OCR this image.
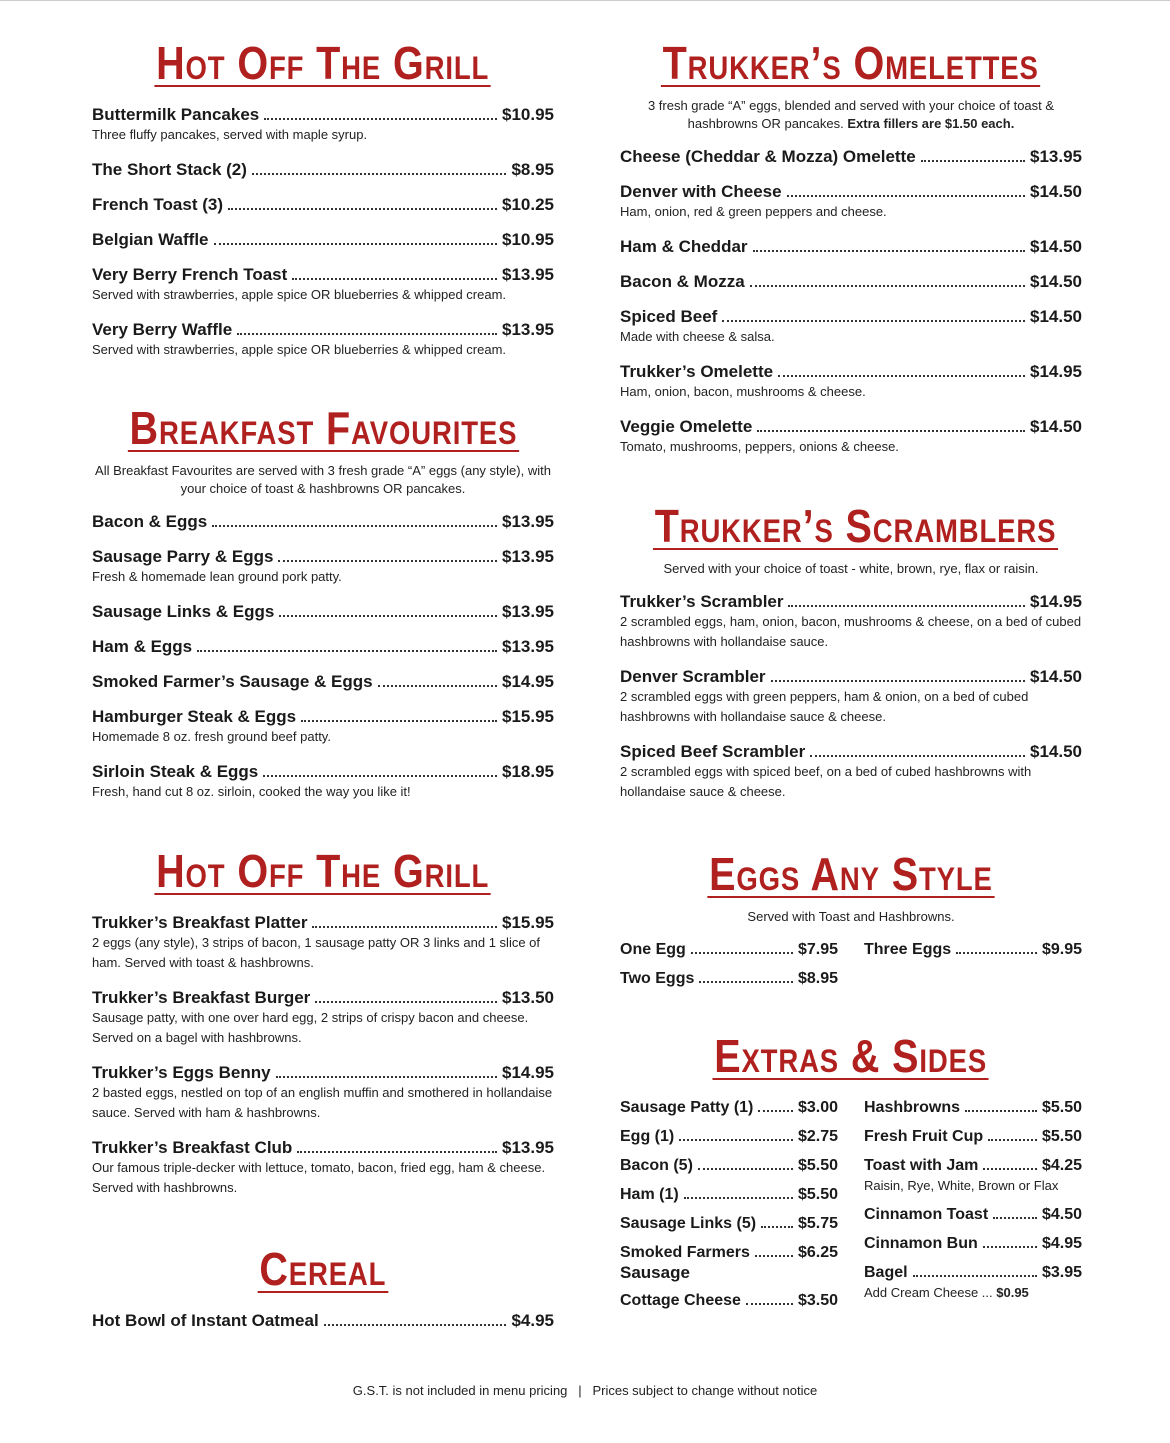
Hot Off The Grill
Buttermilk Pancakes	$10.95
Three fluffy pancakes, served with maple syrup.
The Short Stack (2)	$8.95
French Toast (3)	$10.25
Belgian Waffle	$10.95
Very Berry French Toast	$13.95
Served with strawberries, apple spice OR blueberries & whipped cream.
Very Berry Waffle	$13.95
Served with strawberries, apple spice OR blueberries & whipped cream.
Breakfast Favourites
All Breakfast Favourites are served with 3 fresh grade “A” eggs (any style), with your choice of toast & hashbrowns OR pancakes.
Bacon & Eggs	$13.95
Sausage Parry & Eggs	$13.95
Fresh & homemade lean ground pork patty.
Sausage Links & Eggs	$13.95
Ham & Eggs	$13.95
Smoked Farmer’s Sausage & Eggs	$14.95
Hamburger Steak & Eggs	$15.95
Homemade 8 oz. fresh ground beef patty.
Sirloin Steak & Eggs	$18.95
Fresh, hand cut 8 oz. sirloin, cooked the way you like it!
Hot Off The Grill
Trukker’s Breakfast Platter	$15.95
2 eggs (any style), 3 strips of bacon, 1 sausage patty OR 3 links and 1 slice of ham. Served with toast & hashbrowns.
Trukker’s Breakfast Burger	$13.50
Sausage patty, with one over hard egg, 2 strips of crispy bacon and cheese. Served on a bagel with hashbrowns.
Trukker’s Eggs Benny	$14.95
2 basted eggs, nestled on top of an english muffin and smothered in hollandaise sauce. Served with ham & hashbrowns.
Trukker’s Breakfast Club	$13.95
Our famous triple-decker with lettuce, tomato, bacon, fried egg, ham & cheese. Served with hashbrowns.
Cereal
Hot Bowl of Instant Oatmeal	$4.95
Trukker’s Omelettes
3 fresh grade “A” eggs, blended and served with your choice of toast & hashbrowns OR pancakes. Extra fillers are $1.50 each.
Cheese (Cheddar & Mozza) Omelette	$13.95
Denver with Cheese	$14.50
Ham, onion, red & green peppers and cheese.
Ham & Cheddar	$14.50
Bacon & Mozza	$14.50
Spiced Beef	$14.50
Made with cheese & salsa.
Trukker’s Omelette	$14.95
Ham, onion, bacon, mushrooms & cheese.
Veggie Omelette	$14.50
Tomato, mushrooms, peppers, onions & cheese.
Trukker’s Scramblers
Served with your choice of toast - white, brown, rye, flax or raisin.
Trukker’s Scrambler	$14.95
2 scrambled eggs, ham, onion, bacon, mushrooms & cheese, on a bed of cubed hashbrowns with hollandaise sauce.
Denver Scrambler	$14.50
2 scrambled eggs with green peppers, ham & onion, on a bed of cubed hashbrowns with hollandaise sauce & cheese.
Spiced Beef Scrambler	$14.50
2 scrambled eggs with spiced beef, on a bed of cubed hashbrowns with hollandaise sauce & cheese.
Eggs Any Style
Served with Toast and Hashbrowns.
One Egg	$7.95
Two Eggs	$8.95
Three Eggs	$9.95
Extras & Sides
Sausage Patty (1)	$3.00
Egg (1)	$2.75
Bacon (5)	$5.50
Ham (1)	$5.50
Sausage Links (5)	$5.75
Smoked Farmers	$6.25
Sausage
Cottage Cheese	$3.50
Hashbrowns	$5.50
Fresh Fruit Cup	$5.50
Toast with Jam	$4.25
Raisin, Rye, White, Brown or Flax
Cinnamon Toast	$4.50
Cinnamon Bun	$4.95
Bagel	$3.95
Add Cream Cheese ... $0.95
G.S.T. is not included in menu pricing   |   Prices subject to change without notice
